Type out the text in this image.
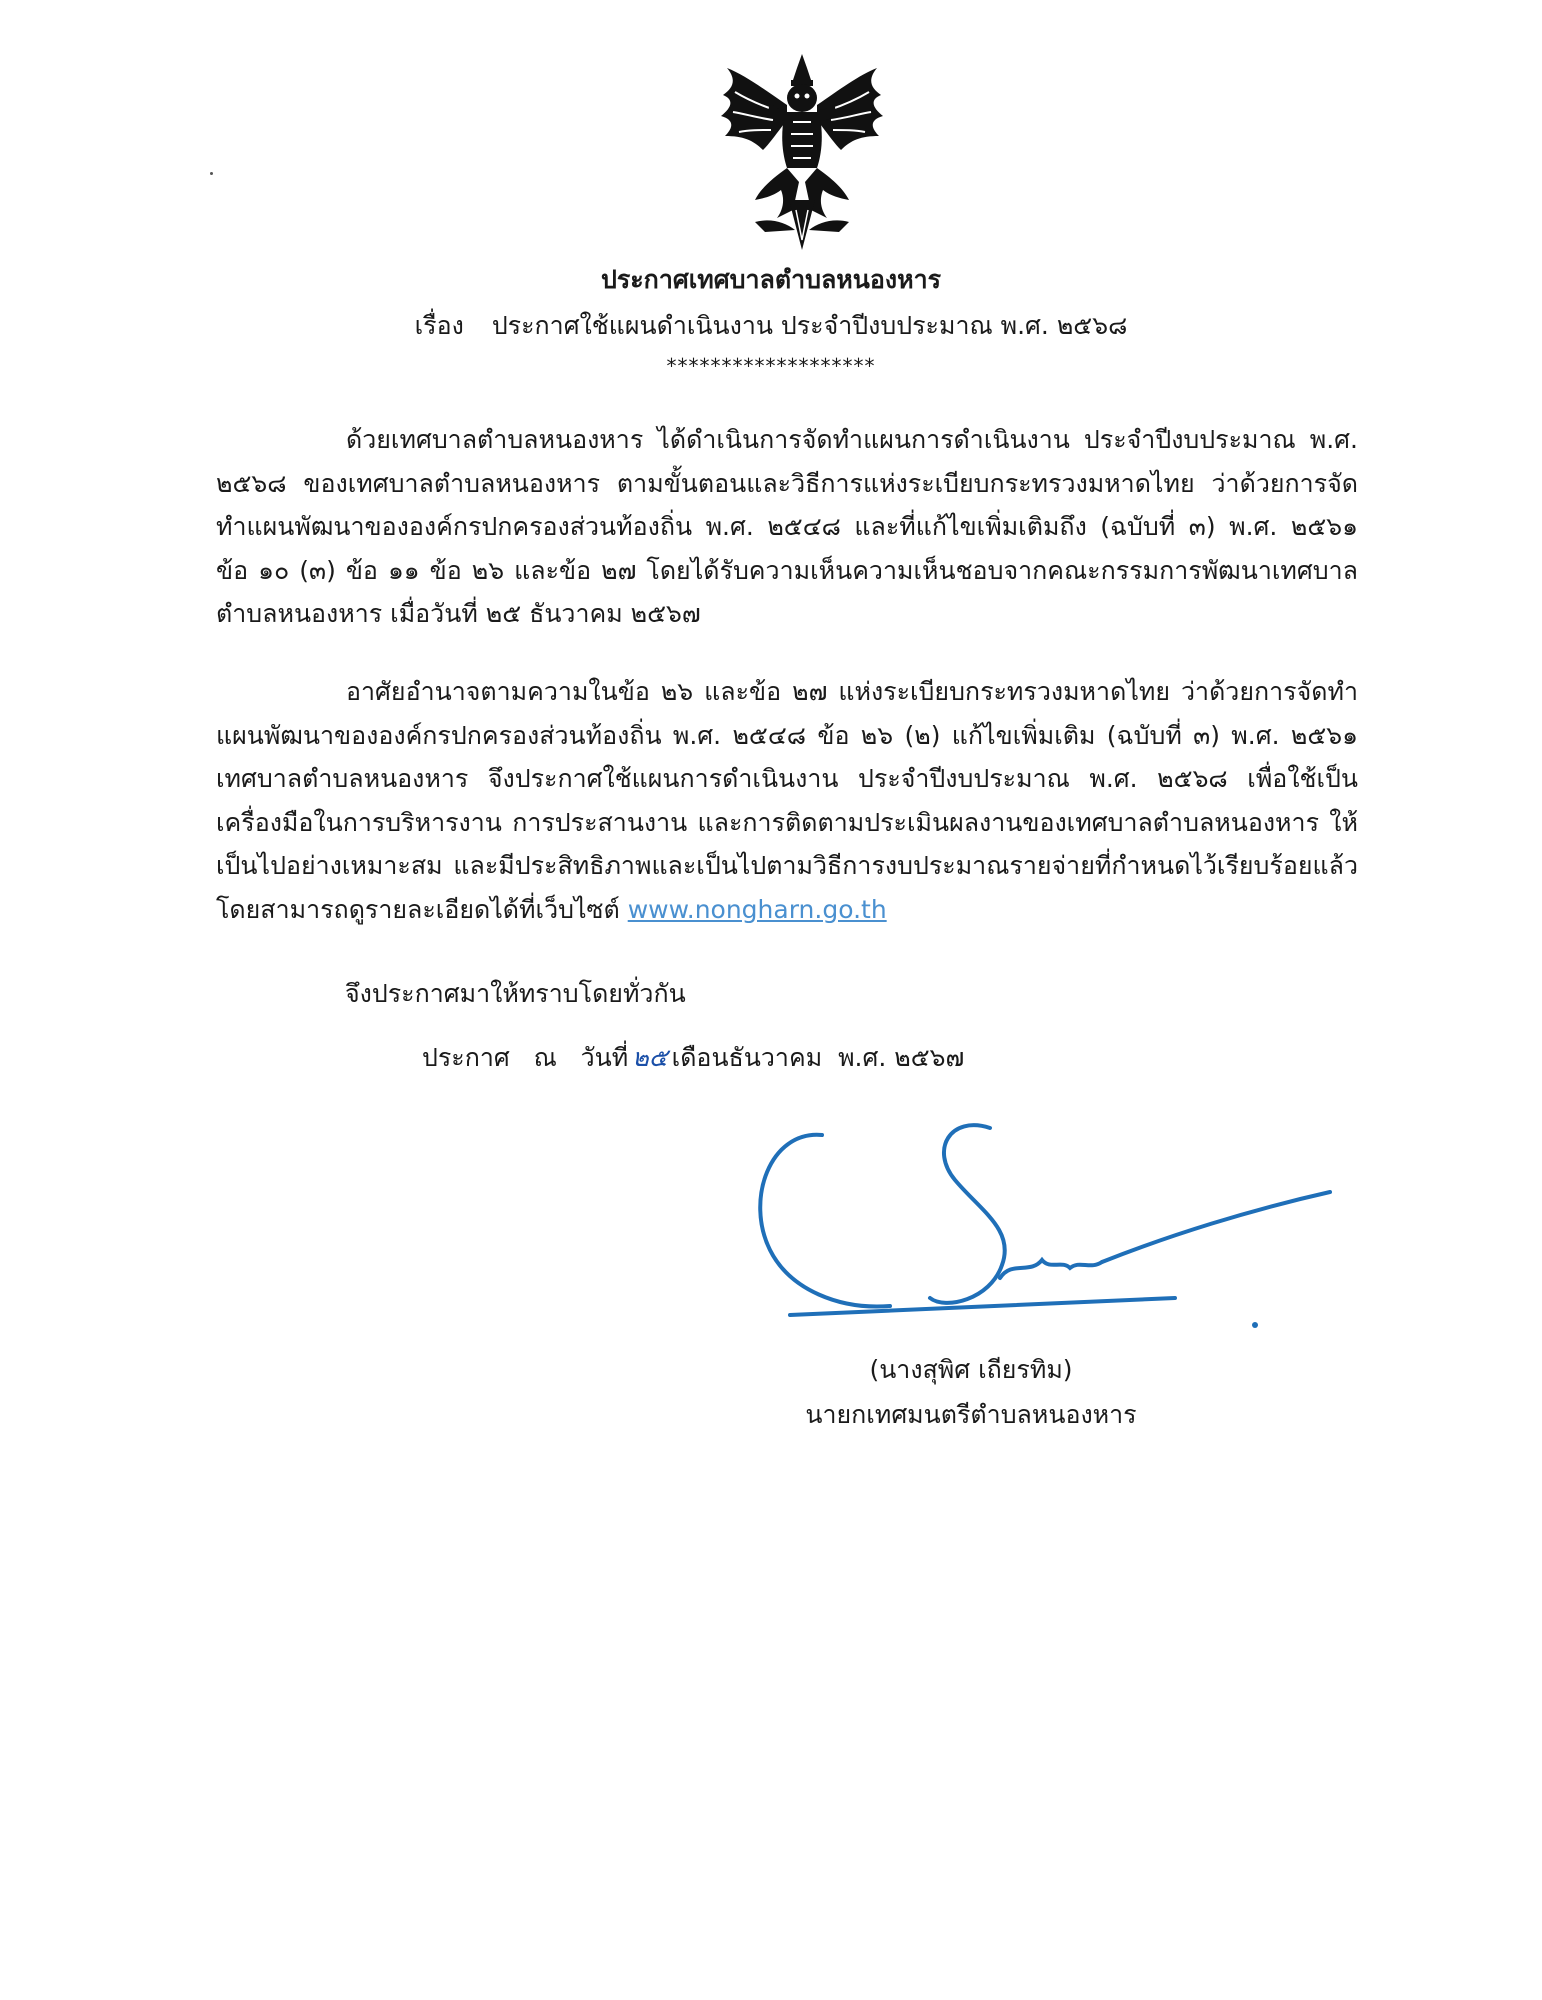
ประกาศเทศบาลตำบลหนองหาร
เรื่อง ประกาศใช้แผนดำเนินงาน ประจำปีงบประมาณ พ.ศ. ๒๕๖๘
*******************

ด้วยเทศบาลตำบลหนองหาร ได้ดำเนินการจัดทำแผนการดำเนินงาน ประจำปีงบประมาณ พ.ศ. ๒๕๖๘ ของเทศบาลตำบลหนองหาร ตามขั้นตอนและวิธีการแห่งระเบียบกระทรวงมหาดไทย ว่าด้วยการจัดทำแผนพัฒนาขององค์กรปกครองส่วนท้องถิ่น พ.ศ. ๒๕๔๘ และที่แก้ไขเพิ่มเติมถึง (ฉบับที่ ๓) พ.ศ. ๒๕๖๑ ข้อ ๑๐ (๓) ข้อ ๑๑ ข้อ ๒๖ และข้อ ๒๗ โดยได้รับความเห็นความเห็นชอบจากคณะกรรมการพัฒนาเทศบาลตำบลหนองหาร เมื่อวันที่ ๒๕ ธันวาคม ๒๕๖๗

อาศัยอำนาจตามความในข้อ ๒๖ และข้อ ๒๗ แห่งระเบียบกระทรวงมหาดไทย ว่าด้วยการจัดทำแผนพัฒนาขององค์กรปกครองส่วนท้องถิ่น พ.ศ. ๒๕๔๘ ข้อ ๒๖ (๒) แก้ไขเพิ่มเติม (ฉบับที่ ๓) พ.ศ. ๒๕๖๑ เทศบาลตำบลหนองหาร จึงประกาศใช้แผนการดำเนินงาน ประจำปีงบประมาณ พ.ศ. ๒๕๖๘ เพื่อใช้เป็นเครื่องมือในการบริหารงาน การประสานงาน และการติดตามประเมินผลงานของเทศบาลตำบลหนองหาร ให้เป็นไปอย่างเหมาะสม และมีประสิทธิภาพและเป็นไปตามวิธีการงบประมาณรายจ่ายที่กำหนดไว้เรียบร้อยแล้วโดยสามารถดูรายละเอียดได้ที่เว็บไซต์ www.nongharn.go.th

จึงประกาศมาให้ทราบโดยทั่วกัน
ประกาศ   ณ   วันที่ ๒๕ เดือนธันวาคม  พ.ศ. ๒๕๖๗
(นางสุพิศ เถียรทิม)
นายกเทศมนตรีตำบลหนองหาร
